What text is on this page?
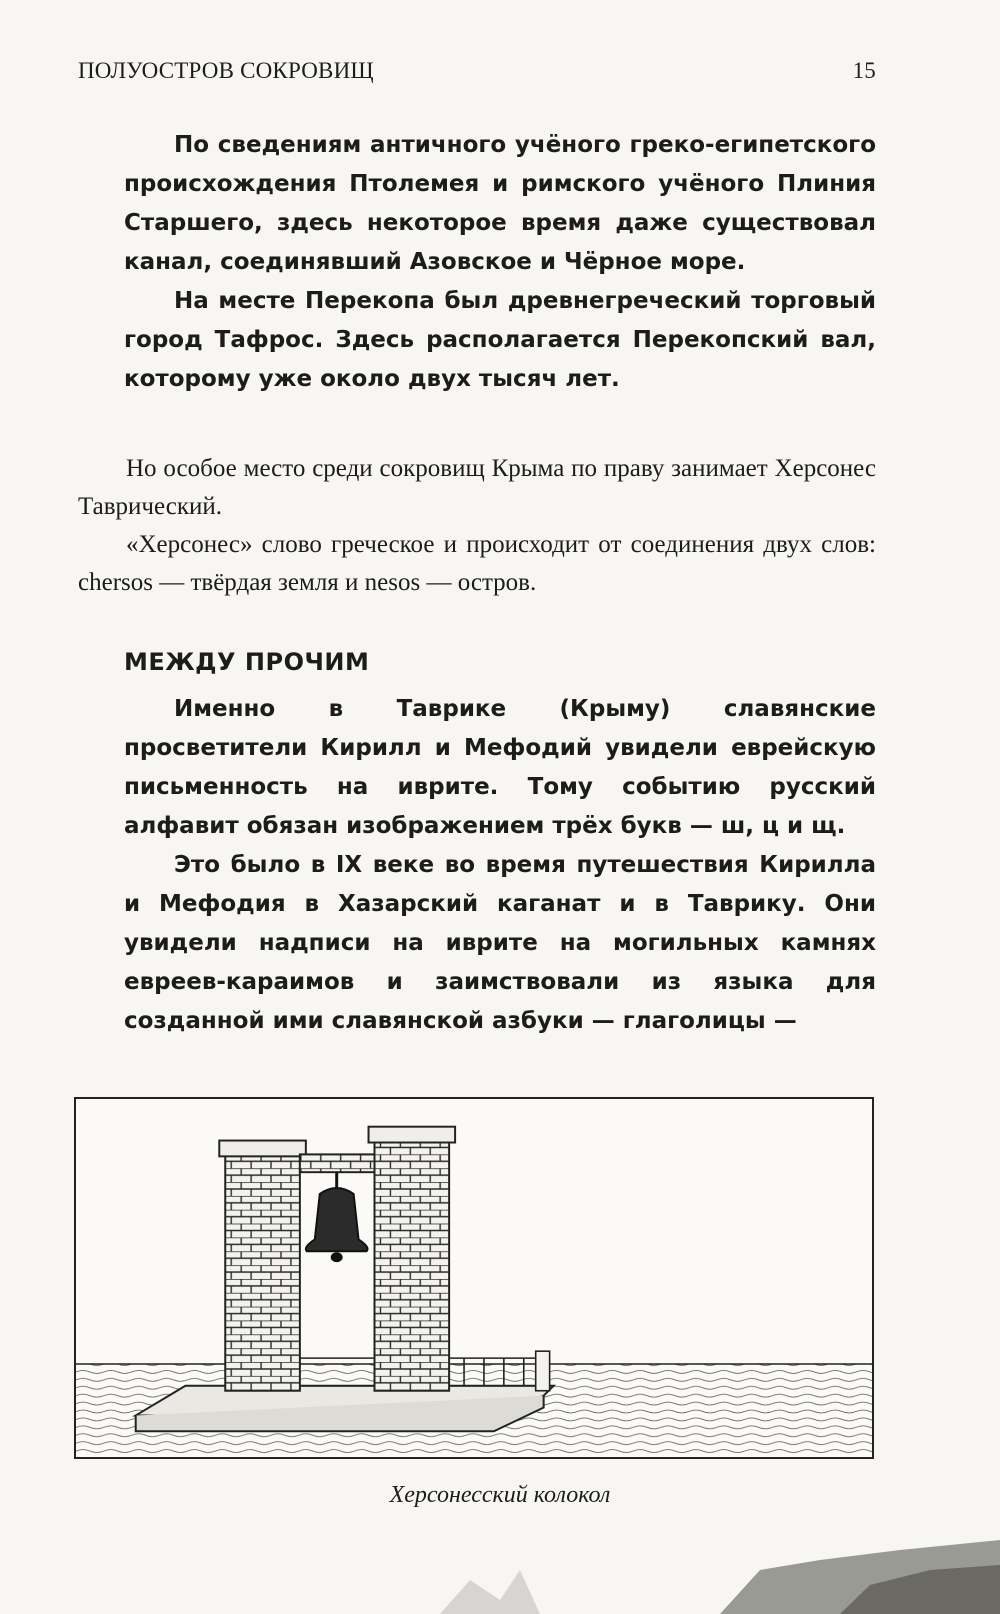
ПОЛУОСТРОВ СОКРОВИЩ	15

По сведениям античного учёного греко-египетского происхождения Птолемея и римского учёного Плиния Старшего, здесь некоторое время даже существовал канал, соединявший Азовское и Чёрное море.

На месте Перекопа был древнегреческий торговый город Тафрос. Здесь располагается Перекопский вал, которому уже около двух тысяч лет.

Но особое место среди сокровищ Крыма по праву занимает Херсонес Таврический.

«Херсонес» слово греческое и происходит от соединения двух слов: chersos — твёрдая земля и nesos — остров.

МЕЖДУ ПРОЧИМ

Именно в Таврике (Крыму) славянские просветители Кирилл и Мефодий увидели еврейскую письменность на иврите. Тому событию русский алфавит обязан изображением трёх букв — ш, ц и щ.

Это было в IX веке во время путешествия Кирилла и Мефодия в Хазарский каганат и в Таврику. Они увидели надписи на иврите на могильных камнях евреев-караимов и заимствовали из языка для созданной ими славянской азбуки — глаголицы —

Херсонесский колокол
